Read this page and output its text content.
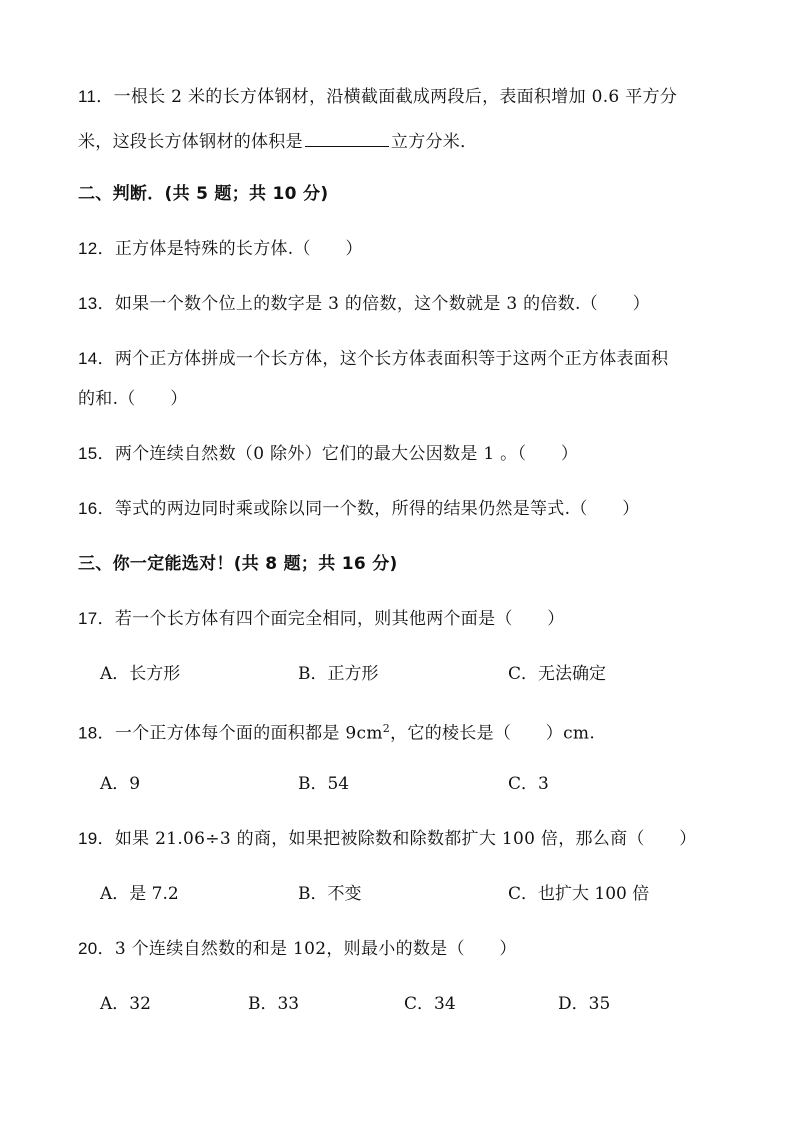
11．一根长 2 米的长方体钢材，沿横截面截成两段后，表面积增加 0.6 平方分
米，这段长方体钢材的体积是	立方分米．
二、判断．(共 5 题；共 10 分)
12．正方体是特殊的长方体.（　　）
13．如果一个数个位上的数字是 3 的倍数，这个数就是 3 的倍数.（　　）
14．两个正方体拼成一个长方体，这个长方体表面积等于这两个正方体表面积
的和.（　　）
15．两个连续自然数（0 除外）它们的最大公因数是 1 。（　　）
16．等式的两边同时乘或除以同一个数，所得的结果仍然是等式.（　　）
三、你一定能选对！(共 8 题；共 16 分)
17．若一个长方体有四个面完全相同，则其他两个面是（　　）
A．长方形	B．正方形	C．无法确定
18．一个正方体每个面的面积都是 $9cm^2$，它的棱长是（　　）cm.
A．9	B．54	C．3
19．如果 21.06÷3 的商，如果把被除数和除数都扩大 100 倍，那么商（　　）
A．是 7.2	B．不变	C．也扩大 100 倍
20．3 个连续自然数的和是 102，则最小的数是（　　）
A．32	B．33	C．34	D．35
